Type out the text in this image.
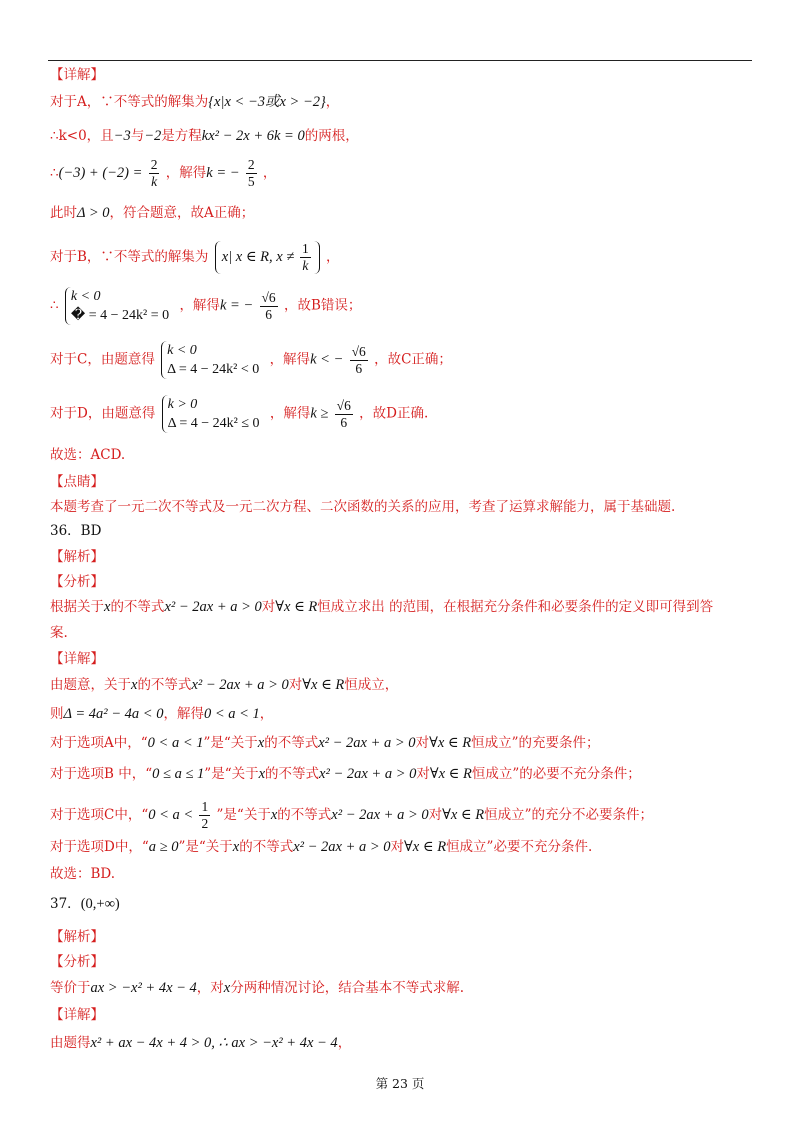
【详解】
对于A，∵不等式的解集为{x|x < −3或x > −2}，
∴k<0，且−3与−2是方程kx² − 2x + 6k = 0的两根，
∴(−3) + $(-2) = \frac{2}{k}$ ，解得k = − $\frac{2}{5}$ ，
此时Δ > 0，符合题意，故A正确；
对于B，∵不等式的解集为 x| x ∈ R, $x \ne \frac{1}{k}$ ，
∴
k < 0
� = 4 − 24k² = 0
，解得k = − $\frac{√6}{6}$ ，故B错误；
对于C，由题意得
k < 0
Δ = 4 − 24k² < 0
，解得k < − $\frac{√6}{6}$ ，故C正确；
对于D，由题意得
k > 0
Δ = 4 − 24k² ≤ 0
，解得$k \ge \frac{√6}{6}$ ，故D正确.
故选：ACD.
【点睛】
本题考查了一元二次不等式及一元二次方程、二次函数的关系的应用，考查了运算求解能力，属于基础题.
36．BD
【解析】
【分析】
根据关于x的不等式x² − 2ax + a > 0对∀x ∈ R恒成立求出 的范围，在根据充分条件和必要条件的定义即可得到答
案.
【详解】
由题意，关于x的不等式x² − 2ax + a > 0对∀x ∈ R恒成立，
则Δ = 4a² − 4a < 0，解得0 < a < 1，
对于选项A中，“0 < a < 1”是“关于x的不等式x² − 2ax + a > 0对∀x ∈ R恒成立”的充要条件；
对于选项B 中，“0 ≤ a ≤ 1”是“关于x的不等式x² − 2ax + a > 0对∀x ∈ R恒成立”的必要不充分条件；
对于选项C中，“$0 < a < \frac{1}{2}$ ”是“关于x的不等式x² − 2ax + a > 0对∀x ∈ R恒成立”的充分不必要条件；
对于选项D中，“a ≥ 0”是“关于x的不等式x² − 2ax + a > 0对∀x ∈ R恒成立”必要不充分条件.
故选：BD.
37．(0,+∞)
【解析】
【分析】
等价于ax > −x² + 4x − 4，对x分两种情况讨论，结合基本不等式求解.
【详解】
由题得x² + ax − 4x + 4 > 0, ∴ ax > −x² + 4x − 4，
第 23 页
